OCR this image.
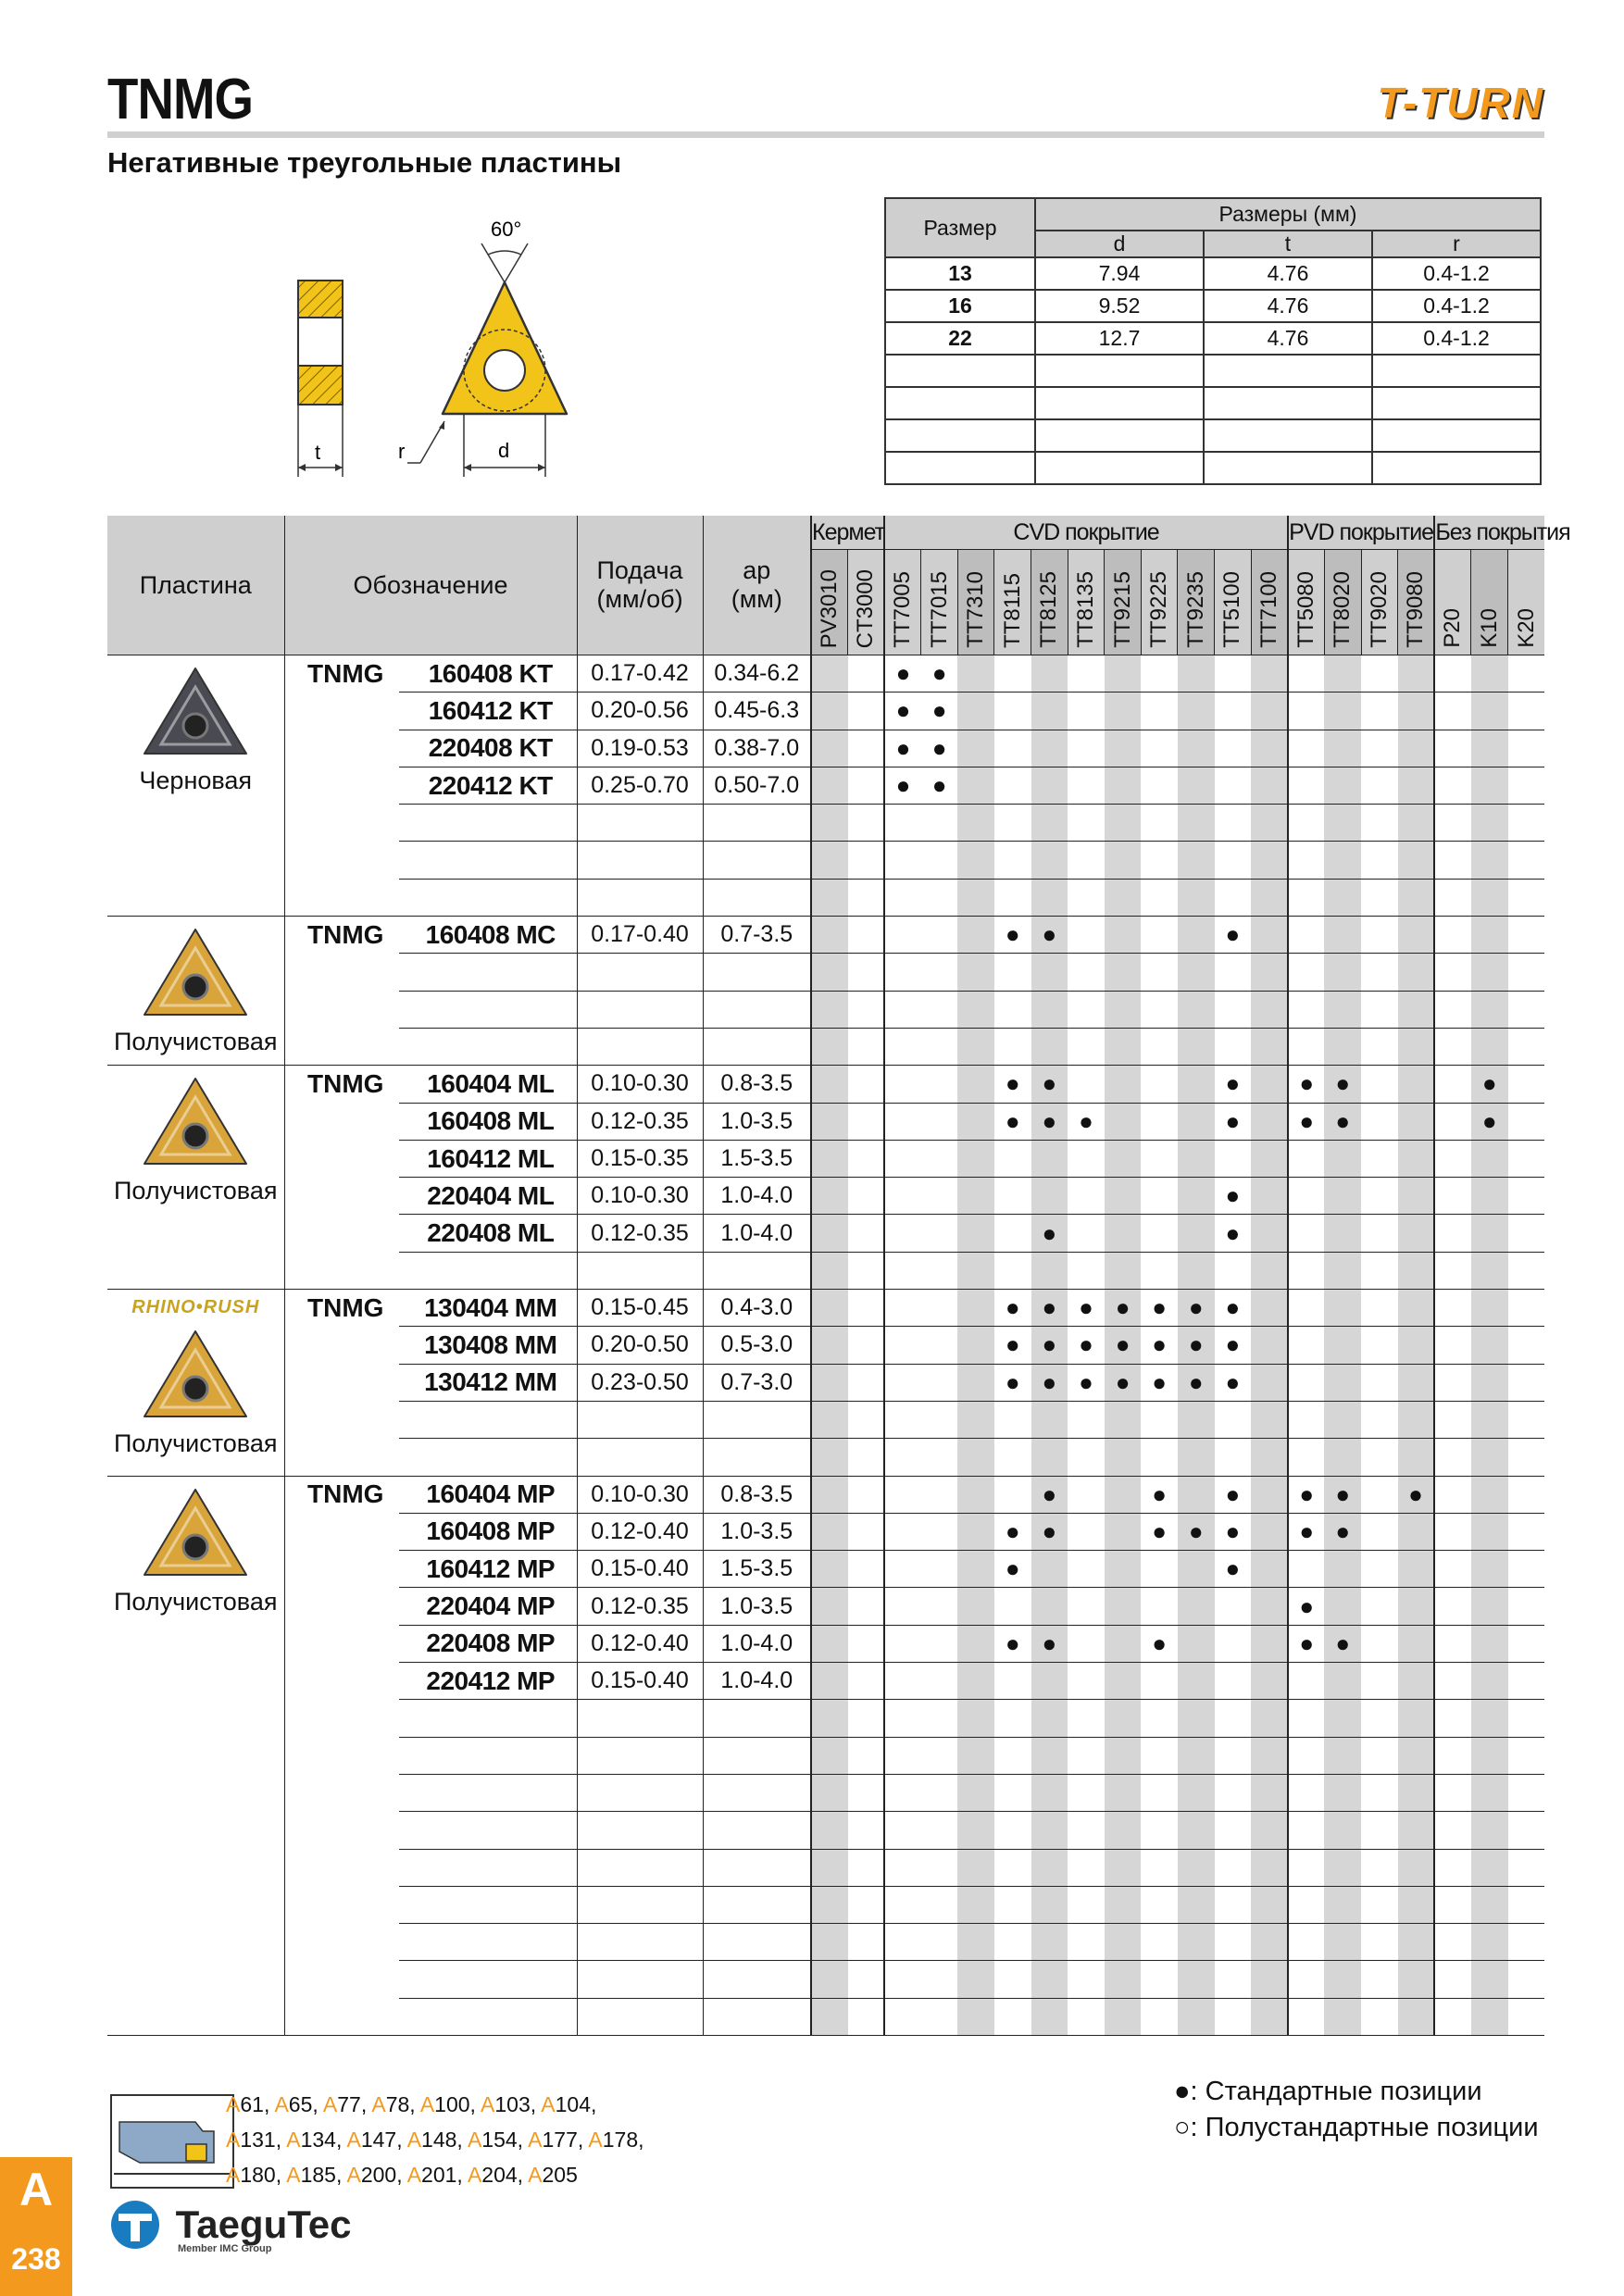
TNMG	T-TURN
Негативные треугольные пластины
t
60°
d
r
Размер	Размеры (мм)		
	d	t	r
13	7.94	4.76	0.4-1.2
16	9.52	4.76	0.4-1.2
22	12.7	4.76	0.4-1.2

Пластина	Обозначение		Подача (мм/об)	ap (мм)	Кермет		CVD покрытие											PVD покрытие				Без покрытия		
					PV3010	CT3000	TT7005	TT7015	TT7310	TT8115	TT8125	TT8135	TT9215	TT9225	TT9235	TT5100	TT7100	TT5080	TT8020	TT9020	TT9080	P20	K10	K20

Черновая	TNMG	160408 KT	0.17-0.42	0.34-6.2			●	●																
		160412 KT	0.20-0.56	0.45-6.3			●	●																
		220408 KT	0.19-0.53	0.38-7.0			●	●																
		220412 KT	0.25-0.70	0.50-7.0			●	●																

Получистовая	TNMG	160408 MC	0.17-0.40	0.7-3.5						●	●					●								

Получистовая	TNMG	160404 ML	0.10-0.30	0.8-3.5						●	●					●		●	●				●	
		160408 ML	0.12-0.35	1.0-3.5						●	●	●				●		●	●				●	
		160412 ML	0.15-0.35	1.5-3.5																				
		220404 ML	0.10-0.30	1.0-4.0												●								
		220408 ML	0.12-0.35	1.0-4.0							●					●								

RHINO•RUSH
Получистовая	TNMG	130404 MM	0.15-0.45	0.4-3.0						●	●	●	●	●	●	●								
		130408 MM	0.20-0.50	0.5-3.0						●	●	●	●	●	●	●								
		130412 MM	0.23-0.50	0.7-3.0						●	●	●	●	●	●	●								

Получистовая	TNMG	160404 MP	0.10-0.30	0.8-3.5							●			●		●		●	●		●			
		160408 MP	0.12-0.40	1.0-3.5						●	●			●	●	●		●	●					
		160412 MP	0.15-0.40	1.5-3.5						●						●								
		220404 MP	0.12-0.35	1.0-3.5														●						
		220408 MP	0.12-0.40	1.0-4.0						●	●			●				●	●					
		220412 MP	0.15-0.40	1.0-4.0																				

A61, A65, A77, A78, A100, A103, A104,
A131, A134, A147, A148, A154, A177, A178,
A180, A185, A200, A201, A204, A205
●: Стандартные позиции
○: Полустандартные позиции
A
238
TaeguTec
Member IMC Group
